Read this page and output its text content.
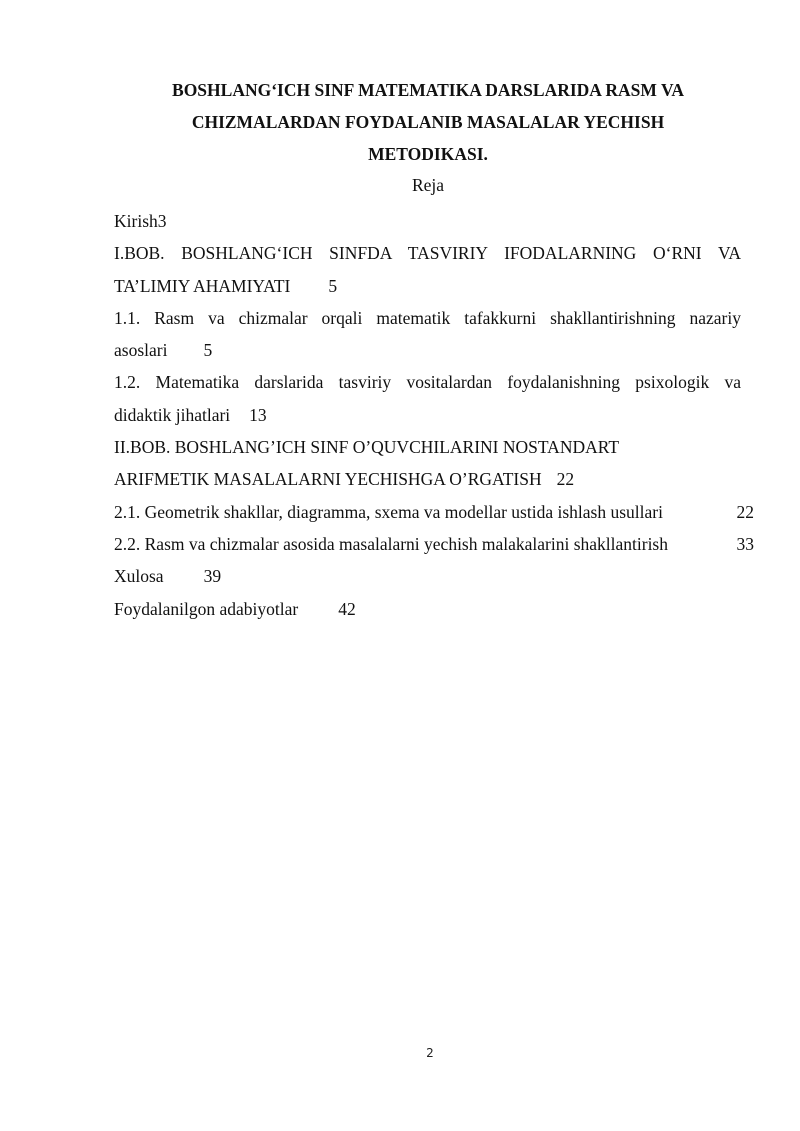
BOSHLANG‘ICH SINF MATEMATIKA DARSLARIDA RASM VA
CHIZMALARDAN FOYDALANIB MASALALAR YECHISH
METODIKASI.
Reja
Kirish3
I.BOB. BOSHLANG‘ICH SINFDA TASVIRIY IFODALARNING O‘RNI VA
TA’LIMIY AHAMIYATI 5
1.1. Rasm va chizmalar orqali matematik tafakkurni shakllantirishning nazariy
asoslari 5
1.2. Matematika darslarida tasviriy vositalardan foydalanishning psixologik va
didaktik jihatlari 13
II.BOB. BOSHLANG’ICH SINF O’QUVCHILARINI NOSTANDART
ARIFMETIK MASALALARNI YECHISHGA O’RGATISH 22
2.1. Geometrik shakllar, diagramma, sxema va modellar ustida ishlash usullari	22
2.2. Rasm va chizmalar asosida masalalarni yechish malakalarini shakllantirish	33
Xulosa 39
Foydalanilgon adabiyotlar 42
2
